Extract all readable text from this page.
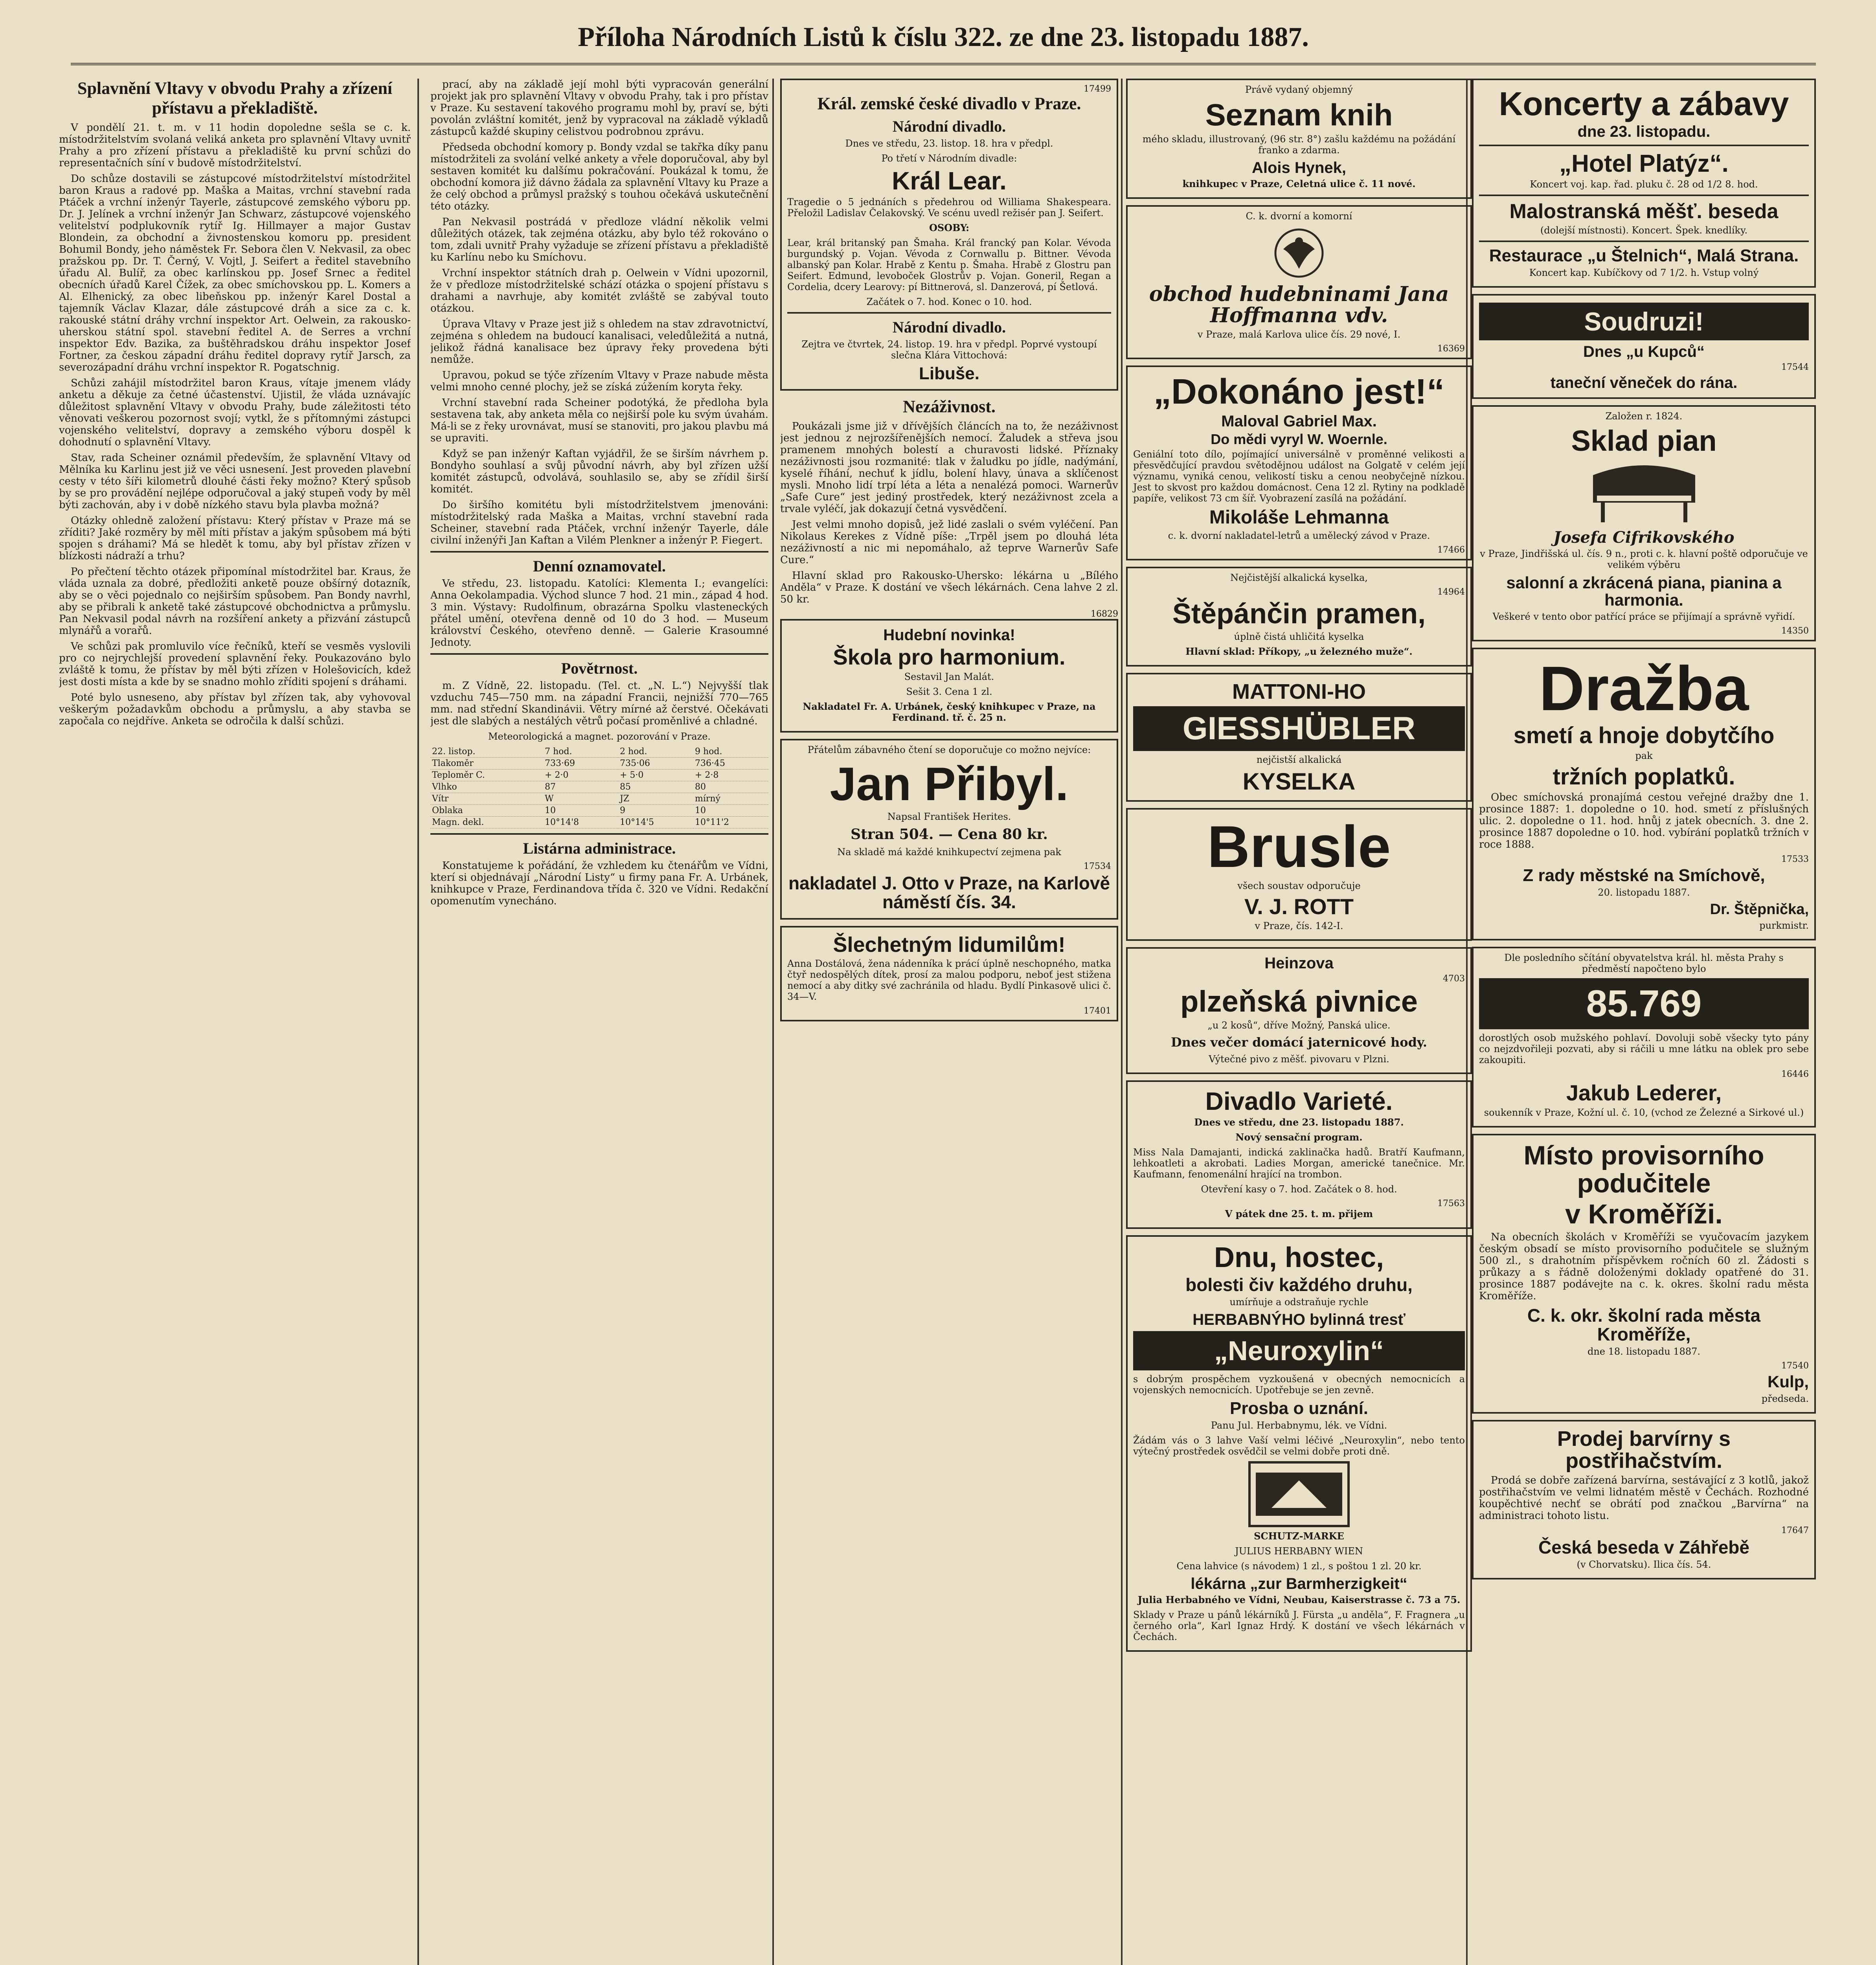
Příloha Národních Listů k číslu 322. ze dne 23. listopadu 1887.
Splavnění Vltavy v obvodu Prahy a zřízení přístavu a překladiště.

V pondělí 21. t. m. v 11 hodin dopoledne sešla se c. k. místodržitelstvím svolaná veliká anketa pro splavnění Vltavy uvnitř Prahy a pro zřízení přístavu a překladiště ku první schůzi do representačních síní v budově místodržitelství.

Do schůze dostavili se zástupcové místodržitelství místodržitel baron Kraus a radové pp. Maška a Maitas, vrchní stavební rada Ptáček a vrchní inženýr Tayerle, zástupcové zemského výboru pp. Dr. J. Jelínek a vrchní inženýr Jan Schwarz, zástupcové vojenského velitelství podplukovník rytíř Ig. Hillmayer a major Gustav Blondein, za obchodní a živnostenskou komoru pp. president Bohumil Bondy, jeho náměstek Fr. Sebora člen V. Nekvasil, za obec pražskou pp. Dr. T. Černý, V. Vojtl, J. Seifert a ředitel stavebního úřadu Al. Bulíř, za obec karlínskou pp. Josef Srnec a ředitel obecních úřadů Karel Čížek, za obec smíchovskou pp. L. Komers a Al. Elhenický, za obec libeňskou pp. inženýr Karel Dostal a tajemník Václav Klazar, dále zástupcové dráh a sice za c. k. rakouské státní dráhy vrchní inspektor Art. Oelwein, za rakousko-uherskou státní spol. stavební ředitel A. de Serres a vrchní inspektor Edv. Bazika, za buštěhradskou dráhu inspektor Josef Fortner, za českou západní dráhu ředitel dopravy rytíř Jarsch, za severozápadní dráhu vrchní inspektor R. Pogatschnig.

Schůzi zahájil místodržitel baron Kraus, vítaje jmenem vlády anketu a děkuje za četné účastenství. Ujistil, že vláda uznávajíc důležitost splavnění Vltavy v obvodu Prahy, bude záležitosti této věnovati veškerou pozornost svojí; vytkl, že s přítomnými zástupci vojenského velitelství, dopravy a zemského výboru dospěl k dohodnutí o splavnění Vltavy.

Stav, rada Scheiner oznámil především, že splavnění Vltavy od Mělníka ku Karlinu jest již ve věci usnesení. Jest proveden plavební cesty v této šíři kilometrů dlouhé části řeky možno? Který spůsob by se pro provádění nejlépe odporučoval a jaký stupeň vody by měl býti zachován, aby i v době nízkého stavu byla plavba možná?

Otázky ohledně založení přístavu: Který přístav v Praze má se zříditi? Jaké rozměry by měl míti přístav a jakým spůsobem má býti spojen s dráhami? Má se hledět k tomu, aby byl přístav zřízen v blízkosti nádraží a trhu?

Po přečtení těchto otázek připomínal místodržitel bar. Kraus, že vláda uznala za dobré, předložiti anketě pouze obšírný dotazník, aby se o věci pojednalo co nejširším spůsobem. Pan Bondy navrhl, aby se přibrali k anketě také zástupcové obchodnictva a průmyslu. Pan Nekvasil podal návrh na rozšíření ankety a přizvání zástupců mlynářů a vorařů.

Ve schůzi pak promluvilo více řečníků, kteří se vesměs vyslovili pro co nejrychlejší provedení splavnění řeky. Poukazováno bylo zvláště k tomu, že přístav by měl býti zřízen v Holešovicích, kdež jest dosti místa a kde by se snadno mohlo zříditi spojení s dráhami.

Poté bylo usneseno, aby přístav byl zřízen tak, aby vyhovoval veškerým požadavkům obchodu a průmyslu, a aby stavba se započala co nejdříve. Anketa se odročila k další schůzi.

prací, aby na základě její mohl býti vypracován generální projekt jak pro splavnění Vltavy v obvodu Prahy, tak i pro přístav v Praze. Ku sestavení takového programu mohl by, praví se, býti povolán zvláštní komitét, jenž by vypracoval na základě výkladů zástupců každé skupiny celistvou podrobnou zprávu.

Předseda obchodní komory p. Bondy vzdal se takřka díky panu místodržiteli za svolání velké ankety a vřele doporučoval, aby byl sestaven komitét ku dalšímu pokračování. Poukázal k tomu, že obchodní komora již dávno žádala za splavnění Vltavy ku Praze a že celý obchod a průmysl pražský s touhou očekává uskutečnění této otázky.

Pan Nekvasil postrádá v předloze vládní několik velmi důležitých otázek, tak zejména otázku, aby bylo též rokováno o tom, zdali uvnitř Prahy vyžaduje se zřízení přístavu a překladiště ku Karlínu nebo ku Smíchovu.

Vrchní inspektor státních drah p. Oelwein v Vídni upozornil, že v předloze místodržitelské schází otázka o spojení přístavu s drahami a navrhuje, aby komitét zvláště se zabýval touto otázkou.

Úprava Vltavy v Praze jest již s ohledem na stav zdravotnictví, zejména s ohledem na budoucí kanalisaci, veledůležitá a nutná, jelikož řádná kanalisace bez úpravy řeky provedena býti nemůže.

Upravou, pokud se týče zřízením Vltavy v Praze nabude města velmi mnoho cenné plochy, jež se získá zúžením koryta řeky.

Vrchní stavební rada Scheiner podotýká, že předloha byla sestavena tak, aby anketa měla co nejširší pole ku svým úvahám. Má-li se z řeky urovnávat, musí se stanoviti, pro jakou plavbu má se upraviti.

Když se pan inženýr Kaftan vyjádřil, že se širším návrhem p. Bondyho souhlasí a svůj původní návrh, aby byl zřízen užší komitét zástupců, odvolává, souhlasilo se, aby se zřídil širší komitét.

Do širšího komitétu byli místodržitelstvem jmenováni: místodržitelský rada Maška a Maitas, vrchní stavební rada Scheiner, stavební rada Ptáček, vrchní inženýr Tayerle, dále civilní inženýři Jan Kaftan a Vilém Plenkner a inženýr P. Fiegert.

Denní oznamovatel.

Ve středu, 23. listopadu. Katolíci: Klementa I.; evangelíci: Anna Oekolampadia. Východ slunce 7 hod. 21 min., západ 4 hod. 3 min. Výstavy: Rudolfinum, obrazárna Spolku vlasteneckých přátel umění, otevřena denně od 10 do 3 hod. — Museum království Českého, otevřeno denně. — Galerie Krasoumné Jednoty.

Povětrnost.

m. Z Vídně, 22. listopadu. (Tel. ct. „N. L.“) Nejvyšší tlak vzduchu 745—750 mm. na západní Francii, nejnižší 770—765 mm. nad střední Skandinávii. Větry mírné až čerstvé. Očekávati jest dle slabých a nestálých větrů počasí proměnlivé a chladné.

Meteorologická a magnet. pozorování v Praze.

22. listop.	7 hod.	2 hod.	9 hod.
Tlakoměr	733·69	735·06	736·45
Teploměr C.	+ 2·0	+ 5·0	+ 2·8
Vlhko	87	85	80
Vítr	W	JZ	mírný
Oblaka	10	9	10
Magn. dekl.	10°14'8	10°14'5	10°11'2
Listárna administrace.

Konstatujeme k pořádání, že vzhledem ku čtenářům ve Vídni, kterí si objednávají „Národní Listy“ u firmy pana Fr. A. Urbánek, knihkupce v Praze, Ferdinandova třída č. 320 ve Vídni. Redakční opomenutím vynecháno.

17499
Král. zemské české divadlo v Praze.
Národní divadlo.

Dnes ve středu, 23. listop. 18. hra v předpl.

Po třetí v Národním divadle:

Král Lear.

Tragedie o 5 jednáních s předehrou od Williama Shakespeara. Přeložil Ladislav Čelakovský. Ve scénu uvedl režisér pan J. Seifert.

OSOBY:

Lear, král britanský pan Šmaha. Král francký pan Kolar. Vévoda burgundský p. Vojan. Vévoda z Cornwallu p. Bittner. Vévoda albanský pan Kolar. Hrabě z Kentu p. Šmaha. Hrabě z Glostru pan Seifert. Edmund, levoboček Glostrův p. Vojan. Goneril, Regan a Cordelia, dcery Learovy: pí Bittnerová, sl. Danzerová, pí Šetlová.

Začátek o 7. hod. Konec o 10. hod.

Národní divadlo.

Zejtra ve čtvrtek, 24. listop. 19. hra v předpl. Poprvé vystoupí slečna Klára Vittochová:

Libuše.
Nezáživnost.

Poukázali jsme již v dřívějších článcích na to, že nezáživnost jest jednou z nejrozšířenějších nemocí. Žaludek a střeva jsou pramenem mnohých bolestí a churavosti lidské. Příznaky nezáživnosti jsou rozmanité: tlak v žaludku po jídle, nadýmání, kyselé říhání, nechuť k jídlu, bolení hlavy, únava a sklíčenost mysli. Mnoho lidí trpí léta a léta a nenalézá pomoci. Warnerův „Safe Cure“ jest jediný prostředek, který nezáživnost zcela a trvale vyléčí, jak dokazují četná vysvědčení.

Jest velmi mnoho dopisů, jež lidé zaslali o svém vyléčení. Pan Nikolaus Kerekes z Vídně píše: „Trpěl jsem po dlouhá léta nezáživností a nic mi nepomáhalo, až teprve Warnerův Safe Cure.“

Hlavní sklad pro Rakousko-Uhersko: lékárna u „Bílého Anděla“ v Praze. K dostání ve všech lékárnách. Cena lahve 2 zl. 50 kr.

16829
Hudební novinka!
Škola pro harmonium.

Sestavil Jan Malát.

Sešit 3. Cena 1 zl.

Nakladatel Fr. A. Urbánek, český knihkupec v Praze, na Ferdinand. tř. č. 25 n.

Přátelům zábavného čtení se doporučuje co možno nejvíce:

Jan Přibyl.

Napsal František Herites.

Stran 504. — Cena 80 kr.

Na skladě má každé knihkupectví zejmena pak

17534
nakladatel J. Otto v Praze, na Karlově náměstí čís. 34.
Šlechetným lidumilům!

Anna Dostálová, žena nádenníka k prácí úplně neschopného, matka čtyř nedospělých dítek, prosí za malou podporu, neboť jest stižena nemocí a aby ditky své zachránila od hladu. Bydlí Pinkasově ulici č. 34—V.

17401

Právě vydaný objemný

Seznam knih

mého skladu, illustrovaný, (96 str. 8°) zašlu každému na požádání franko a zdarma.

Alois Hynek,

knihkupec v Praze, Celetná ulice č. 11 nové.

C. k. dvorní a komorní

obchod hudebninami Jana Hoffmanna vdv.

v Praze, malá Karlova ulice čís. 29 nové, I.

16369
„Dokonáno jest!“
Maloval Gabriel Max.
Do mědi vyryl W. Woernle.

Geniální toto dílo, pojímající universálně v proměnné velikosti a přesvědčující pravdou světodějnou událost na Golgatě v celém její významu, vyniká cenou, velikostí tisku a cenou neobyčejně nízkou. Jest to skvost pro každou domácnost. Cena 12 zl. Rytiny na podkladě papíře, velikost 73 cm šíř. Vyobrazení zasílá na požádání.

Mikoláše Lehmanna

c. k. dvorní nakladatel-letrů a umělecký závod v Praze.

17466

Nejčistější alkalická kyselka,

14964
Štěpánčin pramen,

úplně čistá uhličitá kyselka

Hlavní sklad: Příkopy, „u železného muže“.

MATTONI-HO
GIESSHÜBLER

nejčistší alkalická

KYSELKA
Brusle

všech soustav odporučuje

V. J. ROTT

v Praze, čís. 142-I.

Heinzova
4703
plzeňská pivnice

„u 2 kosů“, dříve Možný, Panská ulice.

Dnes večer domácí jaternicové hody.

Výtečné pivo z měšť. pivovaru v Plzni.

Divadlo Varieté.

Dnes ve středu, dne 23. listopadu 1887.

Nový sensační program.

Miss Nala Damajanti, indická zaklinačka hadů. Bratří Kaufmann, lehkoatleti a akrobati. Ladies Morgan, americké tanečnice. Mr. Kaufmann, fenomenální hrající na trombon.

Otevření kasy o 7. hod. Začátek o 8. hod.

17563

V pátek dne 25. t. m. přijem

Dnu, hostec,
bolesti čiv každého druhu,

umírňuje a odstraňuje rychle

HERBABNÝHO bylinná tresť
„Neuroxylin“

s dobrým prospěchem vyzkoušená v obecných nemocnicích a vojenských nemocnicích. Upotřebuje se jen zevně.

Prosba o uznání.

Panu Jul. Herbabnymu, lék. ve Vídni.

Žádám vás o 3 lahve Vaší velmi léčivé „Neuroxylin“, nebo tento výtečný prostředek osvědčil se velmi dobře proti dně.

SCHUTZ-MARKE

JULIUS HERBABNY WIEN

Cena lahvice (s návodem) 1 zl., s poštou 1 zl. 20 kr.

lékárna „zur Barmherzigkeit“

Julia Herbabného ve Vídni, Neubau, Kaiserstrasse č. 73 a 75.

Sklady v Praze u pánů lékárníků J. Fürsta „u anděla“, F. Fragnera „u černého orla“, Karl Ignaz Hrdý. K dostání ve všech lékárnách v Čechách.

Koncerty a zábavy
dne 23. listopadu.
„Hotel Platýz“.

Koncert voj. kap. řad. pluku č. 28 od 1/2 8. hod.

Malostranská měšť. beseda

(dolejší místnosti). Koncert. Špek. knedlíky.

Restaurace „u Štelnich“, Malá Strana.

Koncert kap. Kubíčkovy od 7 1/2. h. Vstup volný

Soudruzi!
Dnes „u Kupců“
17544
taneční věneček do rána.

Založen r. 1824.

Sklad pian
Josefa Cifrikovského

v Praze, Jindřišská ul. čís. 9 n., proti c. k. hlavní poště odporučuje ve velikém výběru

salonní a zkrácená piana, pianina a harmonia.

Veškeré v tento obor patřící práce se přijímají a správně vyřidí.

14350
Dražba
smetí a hnoje dobytčího

pak

tržních poplatků.

Obec smíchovská pronajímá cestou veřejné dražby dne 1. prosince 1887: 1. dopoledne o 10. hod. smetí z příslušných ulic. 2. dopoledne o 11. hod. hnůj z jatek obecních. 3. dne 2. prosince 1887 dopoledne o 10. hod. vybírání poplatků tržních v roce 1888.

17533
Z rady městské na Smíchově,

20. listopadu 1887.

Dr. Štěpnička,

purkmistr.

Dle posledního sčítání obyvatelstva král. hl. města Prahy s předměstí napočteno bylo

85.769

dorostlých osob mužského pohlaví. Dovoluji sobě všecky tyto pány co nejzdvořileji pozvati, aby si ráčili u mne látku na oblek pro sebe zakoupiti.

16446
Jakub Lederer,

soukenník v Praze, Kožní ul. č. 10, (vchod ze Železné a Sirkové ul.)

Místo provisorního podučitele
v Kroměříži.

Na obecních školách v Kroměříži se vyučovacím jazykem českým obsadí se místo provisorního podučitele se služným 500 zl., s drahotním příspěvkem ročních 60 zl. Žádosti s průkazy a s řádně doloženými doklady opatřené do 31. prosince 1887 podávejte na c. k. okres. školní radu města Kroměříže.

C. k. okr. školní rada města Kroměříže,

dne 18. listopadu 1887.

17540
Kulp,

předseda.

Prodej barvírny s postřihačstvím.

Prodá se dobře zařízená barvírna, sestávající z 3 kotlů, jakož postřihačstvím ve velmi lidnatém městě v Čechách. Rozhodné koupěchtivé nechť se obrátí pod značkou „Barvírna“ na administraci tohoto listu.

17647
Česká beseda v Záhřebě

(v Chorvatsku). Ilica čís. 54.
